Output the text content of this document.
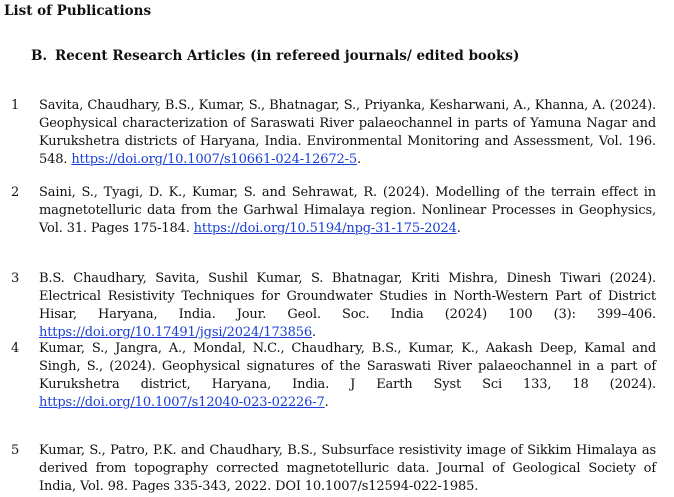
List of Publications
B. Recent Research Articles (in refereed journals/ edited books)
1 Savita, Chaudhary, B.S., Kumar, S., Bhatnagar, S., Priyanka, Kesharwani, A., Khanna, A. (2024). Geophysical characterization of Saraswati River palaeochannel in parts of Yamuna Nagar and Kurukshetra districts of Haryana, India. Environmental Monitoring and Assessment, Vol. 196. 548. https://doi.org/10.1007/s10661-024-12672-5.
2 Saini, S., Tyagi, D. K., Kumar, S. and Sehrawat, R. (2024). Modelling of the terrain effect in magnetotelluric data from the Garhwal Himalaya region. Nonlinear Processes in Geophysics, Vol. 31. Pages 175-184. https://doi.org/10.5194/npg-31-175-2024.
3 B.S. Chaudhary, Savita, Sushil Kumar, S. Bhatnagar, Kriti Mishra, Dinesh Tiwari (2024). Electrical Resistivity Techniques for Groundwater Studies in North-Western Part of District Hisar, Haryana, India. Jour. Geol. Soc. India (2024) 100 (3): 399–406. https://doi.org/10.17491/jgsi/2024/173856.
4 Kumar, S., Jangra, A., Mondal, N.C., Chaudhary, B.S., Kumar, K., Aakash Deep, Kamal and Singh, S., (2024). Geophysical signatures of the Saraswati River palaeochannel in a part of Kurukshetra district, Haryana, India. J Earth Syst Sci 133, 18 (2024). https://doi.org/10.1007/s12040-023-02226-7.
5 Kumar, S., Patro, P.K. and Chaudhary, B.S., Subsurface resistivity image of Sikkim Himalaya as derived from topography corrected magnetotelluric data. Journal of Geological Society of India, Vol. 98. Pages 335-343, 2022. DOI 10.1007/s12594-022-1985.
